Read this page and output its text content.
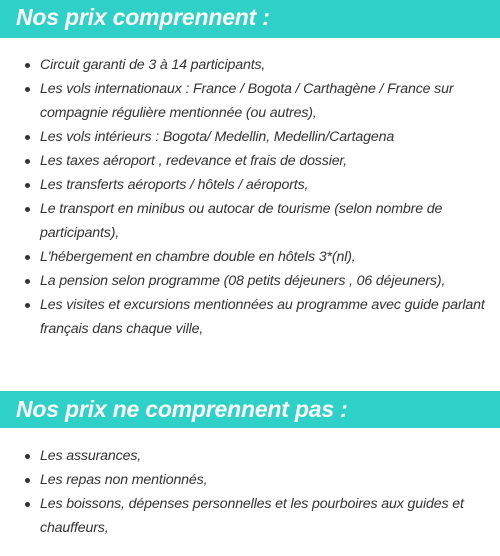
Nos prix comprennent :
Circuit garanti de 3 à 14 participants,
Les vols internationaux : France / Bogota / Carthagène / France sur compagnie régulière mentionnée (ou autres),
Les vols intérieurs : Bogota/ Medellin, Medellin/Cartagena
Les taxes aéroport , redevance et frais de dossier,
Les transferts aéroports / hôtels / aéroports,
Le transport en minibus ou autocar de tourisme (selon nombre de participants),
L'hébergement en chambre double en hôtels 3*(nl),
La pension selon programme (08 petits déjeuners , 06 déjeuners),
Les visites et excursions mentionnées au programme avec guide parlant français dans chaque ville,
Nos prix ne comprennent pas :
Les assurances,
Les repas non mentionnés,
Les boissons, dépenses personnelles et les pourboires aux guides et chauffeurs,
